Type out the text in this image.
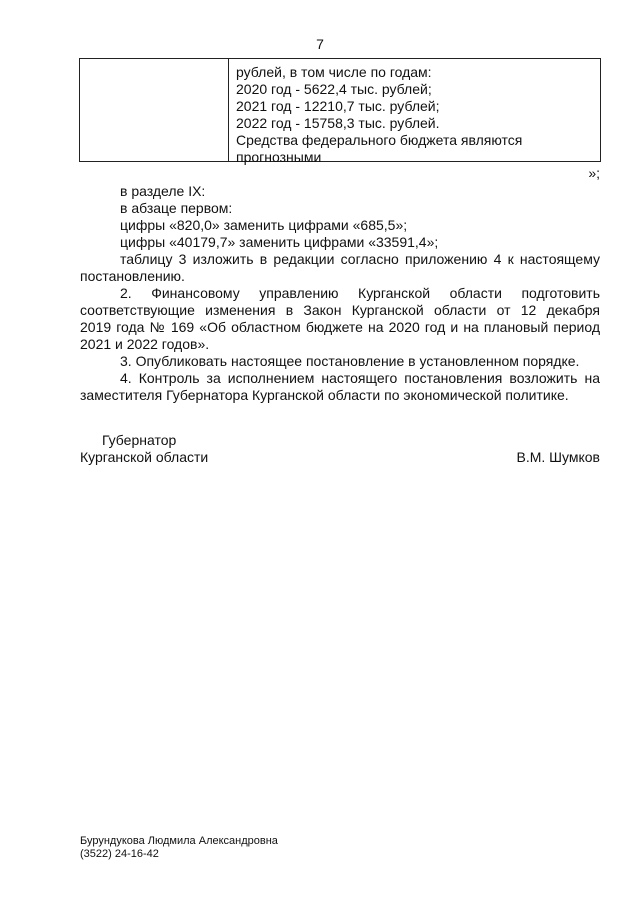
7
рублей, в том числе по годам:
2020 год - 5622,4 тыс. рублей;
2021 год - 12210,7 тыс. рублей;
2022 год - 15758,3 тыс. рублей.
Средства федерального бюджета являются
прогнозными
»;

в разделе IX:

в абзаце первом:

цифры «820,0» заменить цифрами «685,5»;

цифры «40179,7» заменить цифрами «33591,4»;

таблицу 3 изложить в редакции согласно приложению 4 к настоящему

постановлению.

2. Финансовому управлению Курганской области подготовить

соответствующие изменения в Закон Курганской области от 12 декабря

2019 года № 169 «Об областном бюджете на 2020 год и на плановый период

2021 и 2022 годов».

3. Опубликовать настоящее постановление в установленном порядке.

4. Контроль за исполнением настоящего постановления возложить на

заместителя Губернатора Курганской области по экономической политике.

Губернатор
Курганской области	В.М. Шумков
Бурундукова Людмила Александровна
(3522) 24-16-42
